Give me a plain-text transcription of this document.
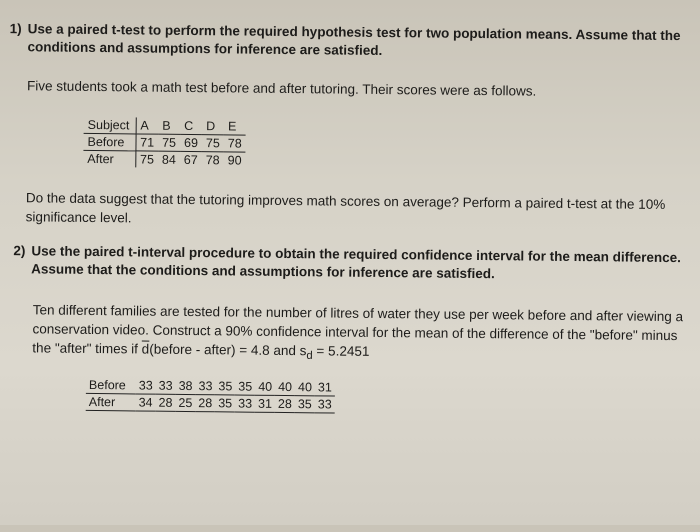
1) Use a paired t-test to perform the required hypothesis test for two population means. Assume that the conditions and assumptions for inference are satisfied.
Five students took a math test before and after tutoring. Their scores were as follows.
Subject	A	B	C	D	E
Before	71	75	69	75	78
After	75	84	67	78	90
Do the data suggest that the tutoring improves math scores on average? Perform a paired t-test at the 10% significance level.
2) Use the paired t-interval procedure to obtain the required confidence interval for the mean difference. Assume that the conditions and assumptions for inference are satisfied.
Ten different families are tested for the number of litres of water they use per week before and after viewing a conservation video. Construct a 90% confidence interval for the mean of the difference of the "before" minus the "after" times if $\overline{d}(before$ - after) = 4.8 and $s_d = 5.2451$
Before	33	33	38	33	35	35	40	40	40	31
After	34	28	25	28	35	33	31	28	35	33
